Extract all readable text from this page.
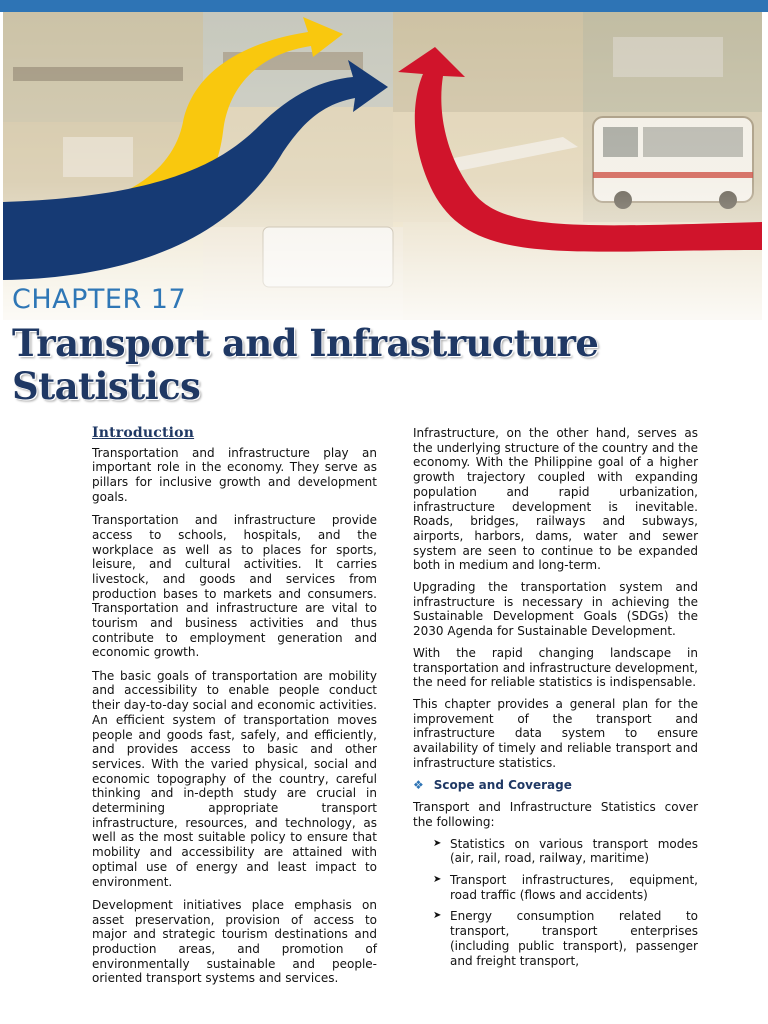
CHAPTER 17
Transport and Infrastructure
Statistics
Introduction

Transportation and infrastructure play an important role in the economy. They serve as pillars for inclusive growth and development goals.

Transportation and infrastructure provide access to schools, hospitals, and the workplace as well as to places for sports, leisure, and cultural activities. It carries livestock, and goods and services from production bases to markets and consumers. Transportation and infrastructure are vital to tourism and business activities and thus contribute to employment generation and economic growth.

The basic goals of transportation are mobility and accessibility to enable people conduct their day-to-day social and economic activities. An efficient system of transportation moves people and goods fast, safely, and efficiently, and provides access to basic and other services. With the varied physical, social and economic topography of the country, careful thinking and in-depth study are crucial in determining appropriate transport infrastructure, resources, and technology, as well as the most suitable policy to ensure that mobility and accessibility are attained with optimal use of energy and least impact to environment.

Development initiatives place emphasis on asset preservation, provision of access to major and strategic tourism destinations and production areas, and promotion of environmentally sustainable and people-oriented transport systems and services.

Infrastructure, on the other hand, serves as the underlying structure of the country and the economy. With the Philippine goal of a higher growth trajectory coupled with expanding population and rapid urbanization, infrastructure development is inevitable. Roads, bridges, railways and subways, airports, harbors, dams, water and sewer system are seen to continue to be expanded both in medium and long-term.

Upgrading the transportation system and infrastructure is necessary in achieving the Sustainable Development Goals (SDGs) the 2030 Agenda for Sustainable Development.

With the rapid changing landscape in transportation and infrastructure development, the need for reliable statistics is indispensable.

This chapter provides a general plan for the improvement of the transport and infrastructure data system to ensure availability of timely and reliable transport and infrastructure statistics.

❖ Scope and Coverage

Transport and Infrastructure Statistics cover the following:

➤ Statistics on various transport modes (air, rail, road, railway, maritime)
➤ Transport infrastructures, equipment, road traffic (flows and accidents)
➤ Energy consumption related to transport, transport enterprises (including public transport), passenger and freight transport,
